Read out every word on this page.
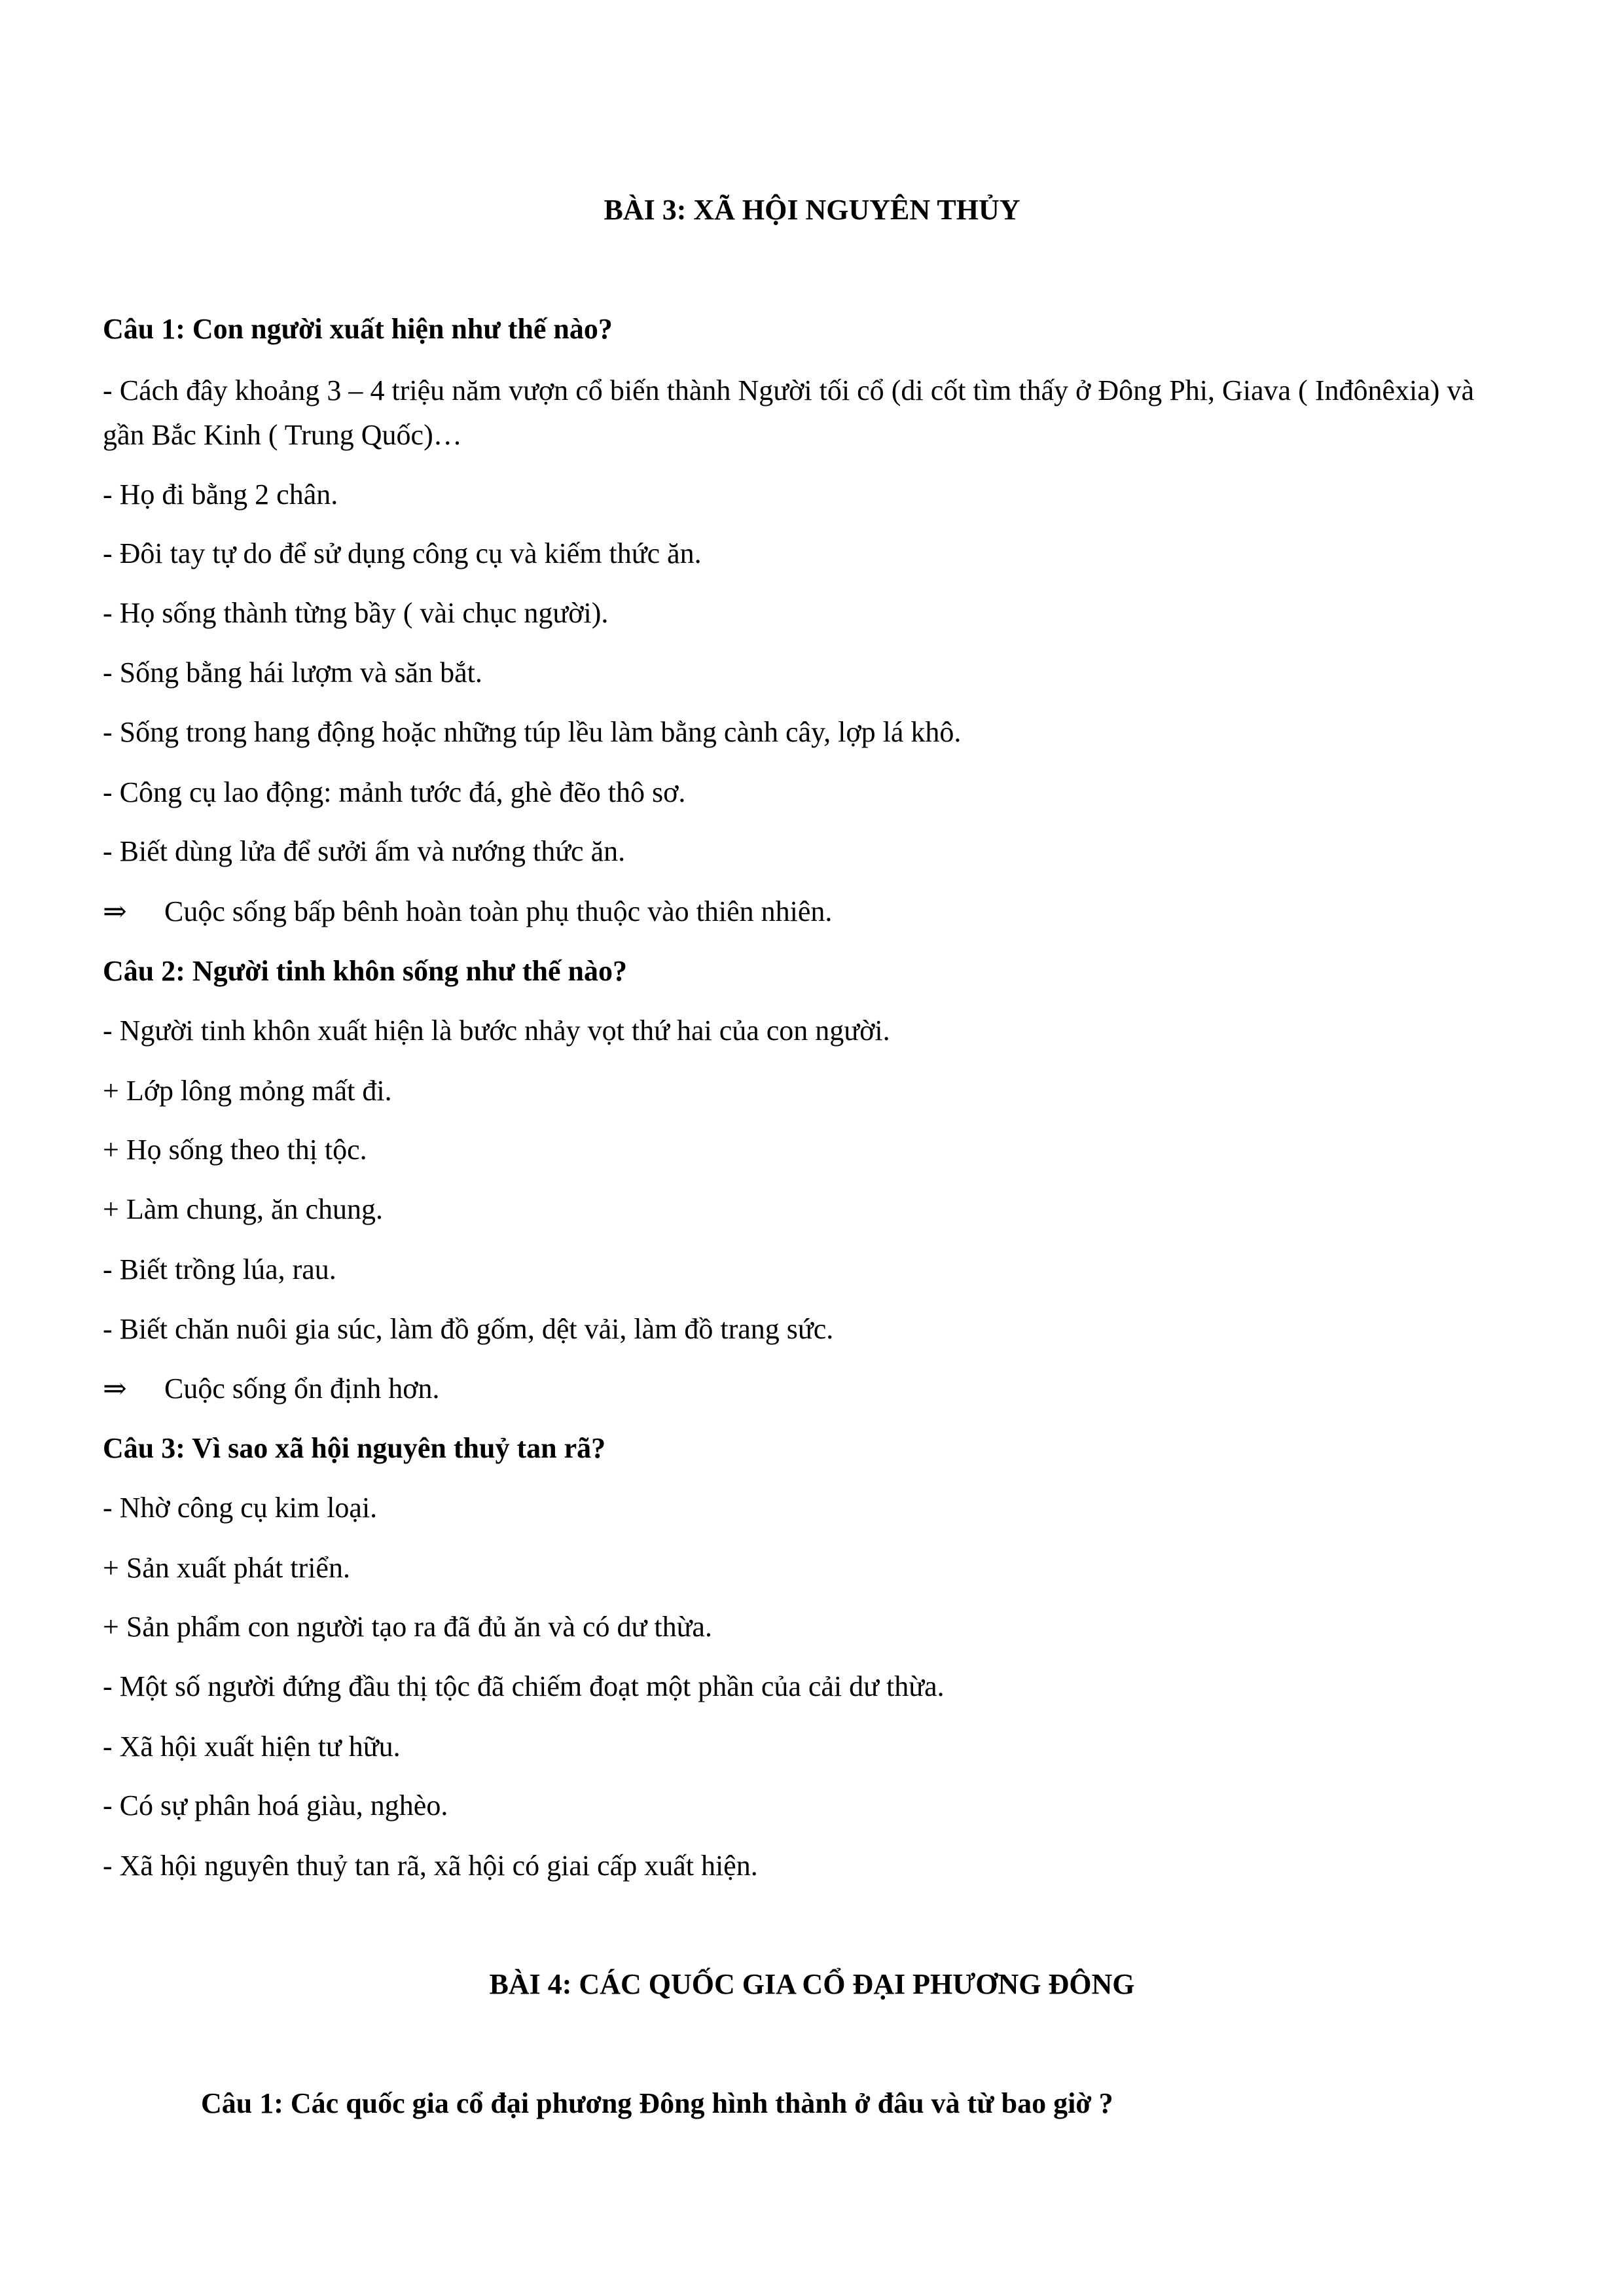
BÀI 3: XÃ HỘI NGUYÊN THỦY
Câu 1: Con người xuất hiện như thế nào?
- Cách đây khoảng 3 – 4 triệu năm vượn cổ biến thành Người tối cổ (di cốt tìm thấy ở Đông Phi, Giava ( Inđônêxia) và gần Bắc Kinh ( Trung Quốc)…
- Họ đi bằng 2 chân.
- Đôi tay tự do để sử dụng công cụ và kiếm thức ăn.
- Họ sống thành từng bầy ( vài chục người).
- Sống bằng hái lượm và săn bắt.
- Sống trong hang động hoặc những túp lều làm bằng cành cây, lợp lá khô.
- Công cụ lao động: mảnh tước đá, ghè đẽo thô sơ.
- Biết dùng lửa để sưởi ấm và nướng thức ăn.
⇒ Cuộc sống bấp bênh hoàn toàn phụ thuộc vào thiên nhiên.
Câu 2: Người tinh khôn sống như thế nào?
- Người tinh khôn xuất hiện là bước nhảy vọt thứ hai của con người.
+ Lớp lông mỏng mất đi.
+ Họ sống theo thị tộc.
+ Làm chung, ăn chung.
- Biết trồng lúa, rau.
- Biết chăn nuôi gia súc, làm đồ gốm, dệt vải, làm đồ trang sức.
⇒ Cuộc sống ổn định hơn.
Câu 3: Vì sao xã hội nguyên thuỷ tan rã?
- Nhờ công cụ kim loại.
+ Sản xuất phát triển.
+ Sản phẩm con người tạo ra đã đủ ăn và có dư thừa.
- Một số người đứng đầu thị tộc đã chiếm đoạt một phần của cải dư thừa.
- Xã hội xuất hiện tư hữu.
- Có sự phân hoá giàu, nghèo.
- Xã hội nguyên thuỷ tan rã, xã hội có giai cấp xuất hiện.
BÀI 4: CÁC QUỐC GIA CỔ ĐẠI PHƯƠNG ĐÔNG
Câu 1: Các quốc gia cổ đại phương Đông hình thành ở đâu và từ bao giờ ?
